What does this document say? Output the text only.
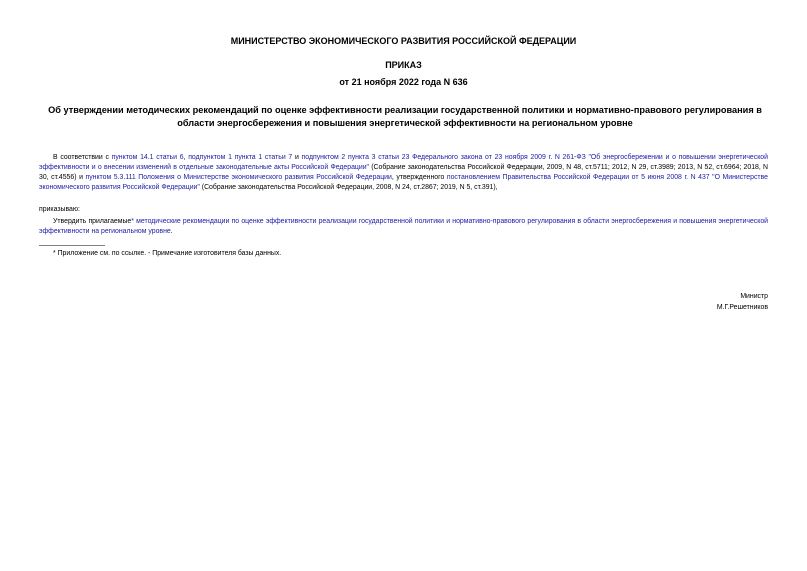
МИНИСТЕРСТВО ЭКОНОМИЧЕСКОГО РАЗВИТИЯ РОССИЙСКОЙ ФЕДЕРАЦИИ
ПРИКАЗ
от 21 ноября 2022 года N 636
Об утверждении методических рекомендаций по оценке эффективности реализации государственной политики и нормативно-правового регулирования в области энергосбережения и повышения энергетической эффективности на региональном уровне
В соответствии с пунктом 14.1 статьи 6, подпунктом 1 пункта 1 статьи 7 и подпунктом 2 пункта 3 статьи 23 Федерального закона от 23 ноября 2009 г. N 261-ФЗ "Об энергосбережении и о повышении энергетической эффективности и о внесении изменений в отдельные законодательные акты Российской Федерации" (Собрание законодательства Российской Федерации, 2009, N 48, ст.5711; 2012, N 29, ст.3989; 2013, N 52, ст.6964; 2018, N 30, ст.4556) и пунктом 5.3.111 Положения о Министерстве экономического развития Российской Федерации, утвержденного постановлением Правительства Российской Федерации от 5 июня 2008 г. N 437 "О Министерстве экономического развития Российской Федерации" (Собрание законодательства Российской Федерации, 2008, N 24, ст.2867; 2019, N 5, ст.391),
приказываю:
Утвердить прилагаемые* методические рекомендации по оценке эффективности реализации государственной политики и нормативно-правового регулирования в области энергосбережения и повышения энергетической эффективности на региональном уровне.
* Приложение см. по ссылке. - Примечание изготовителя базы данных.
Министр
М.Г.Решетников
